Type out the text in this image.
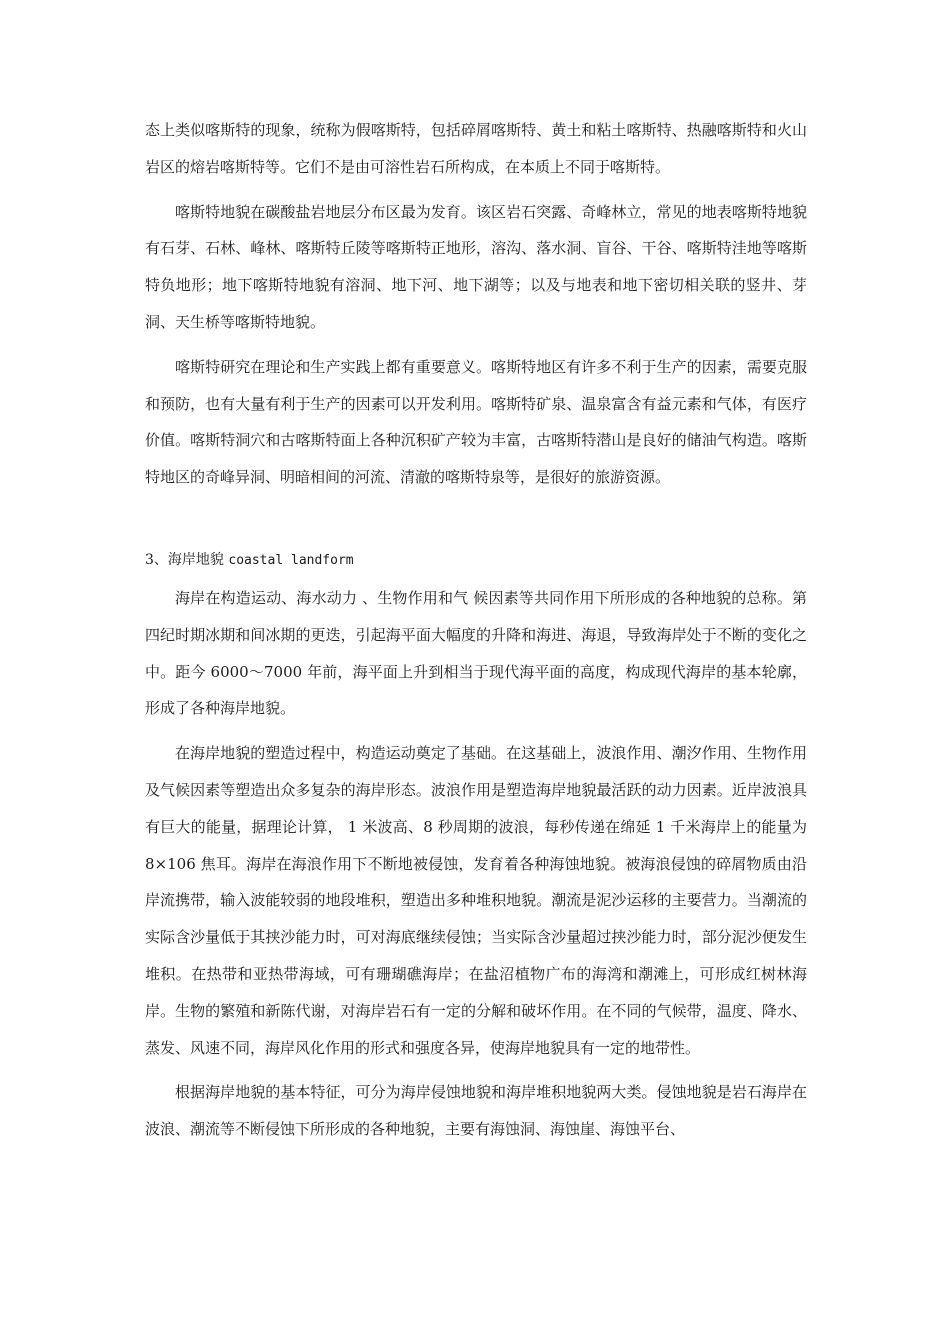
态上类似喀斯特的现象，统称为假喀斯特，包括碎屑喀斯特、黄土和粘土喀斯特、热融喀斯特和火山岩区的熔岩喀斯特等。它们不是由可溶性岩石所构成，在本质上不同于喀斯特。

喀斯特地貌在碳酸盐岩地层分布区最为发育。该区岩石突露、奇峰林立，常见的地表喀斯特地貌有石芽、石林、峰林、喀斯特丘陵等喀斯特正地形，溶沟、落水洞、盲谷、干谷、喀斯特洼地等喀斯特负地形；地下喀斯特地貌有溶洞、地下河、地下湖等；以及与地表和地下密切相关联的竖井、芽洞、天生桥等喀斯特地貌。

喀斯特研究在理论和生产实践上都有重要意义。喀斯特地区有许多不利于生产的因素，需要克服和预防，也有大量有利于生产的因素可以开发利用。喀斯特矿泉、温泉富含有益元素和气体，有医疗价值。喀斯特洞穴和古喀斯特面上各种沉积矿产较为丰富，古喀斯特潜山是良好的储油气构造。喀斯特地区的奇峰异洞、明暗相间的河流、清澈的喀斯特泉等，是很好的旅游资源。

3、海岸地貌 coastal landform

海岸在构造运动、海水动力 、生物作用和气 候因素等共同作用下所形成的各种地貌的总称。第四纪时期冰期和间冰期的更迭，引起海平面大幅度的升降和海进、海退，导致海岸处于不断的变化之中。距今 6000～7000 年前，海平面上升到相当于现代海平面的高度，构成现代海岸的基本轮廓，形成了各种海岸地貌。

在海岸地貌的塑造过程中，构造运动奠定了基础。在这基础上，波浪作用、潮汐作用、生物作用及气候因素等塑造出众多复杂的海岸形态。波浪作用是塑造海岸地貌最活跃的动力因素。近岸波浪具有巨大的能量，据理论计算， 1 米波高、8 秒周期的波浪，每秒传递在绵延 1 千米海岸上的能量为 8×106 焦耳。海岸在海浪作用下不断地被侵蚀，发育着各种海蚀地貌。被海浪侵蚀的碎屑物质由沿岸流携带，输入波能较弱的地段堆积，塑造出多种堆积地貌。潮流是泥沙运移的主要营力。当潮流的实际含沙量低于其挟沙能力时，可对海底继续侵蚀；当实际含沙量超过挟沙能力时，部分泥沙便发生堆积。在热带和亚热带海域，可有珊瑚礁海岸；在盐沼植物广布的海湾和潮滩上，可形成红树林海岸。生物的繁殖和新陈代谢，对海岸岩石有一定的分解和破坏作用。在不同的气候带，温度、降水、蒸发、风速不同，海岸风化作用的形式和强度各异，使海岸地貌具有一定的地带性。

根据海岸地貌的基本特征，可分为海岸侵蚀地貌和海岸堆积地貌两大类。侵蚀地貌是岩石海岸在波浪、潮流等不断侵蚀下所形成的各种地貌，主要有海蚀洞、海蚀崖、海蚀平台、
